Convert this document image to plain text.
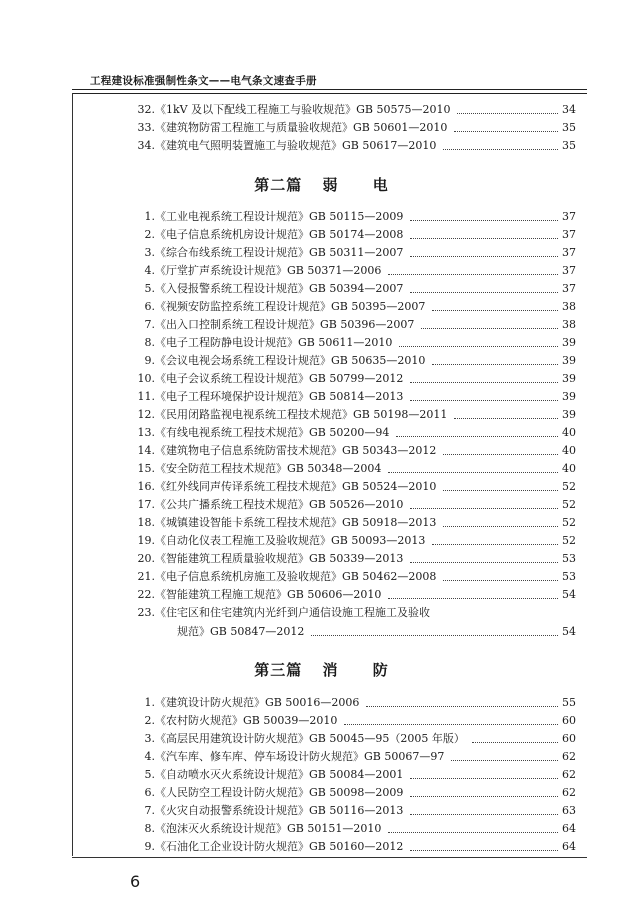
工程建设标准强制性条文——电气条文速查手册
32. 《1kV 及以下配线工程施工与验收规范》GB 50575—2010	34
33. 《建筑物防雷工程施工与质量验收规范》GB 50601—2010	35
34. 《建筑电气照明装置施工与验收规范》GB 50617—2010	35
第二篇 弱 电
1. 《工业电视系统工程设计规范》GB 50115—2009	37
2. 《电子信息系统机房设计规范》GB 50174—2008	37
3. 《综合布线系统工程设计规范》GB 50311—2007	37
4. 《厅堂扩声系统设计规范》GB 50371—2006	37
5. 《入侵报警系统工程设计规范》GB 50394—2007	37
6. 《视频安防监控系统工程设计规范》GB 50395—2007	38
7. 《出入口控制系统工程设计规范》GB 50396—2007	38
8. 《电子工程防静电设计规范》GB 50611—2010	39
9. 《会议电视会场系统工程设计规范》GB 50635—2010	39
10. 《电子会议系统工程设计规范》GB 50799—2012	39
11. 《电子工程环境保护设计规范》GB 50814—2013	39
12. 《民用闭路监视电视系统工程技术规范》GB 50198—2011	39
13. 《有线电视系统工程技术规范》GB 50200—94	40
14. 《建筑物电子信息系统防雷技术规范》GB 50343—2012	40
15. 《安全防范工程技术规范》GB 50348—2004	40
16. 《红外线同声传译系统工程技术规范》GB 50524—2010	52
17. 《公共广播系统工程技术规范》GB 50526—2010	52
18. 《城镇建设智能卡系统工程技术规范》GB 50918—2013	52
19. 《自动化仪表工程施工及验收规范》GB 50093—2013	52
20. 《智能建筑工程质量验收规范》GB 50339—2013	53
21. 《电子信息系统机房施工及验收规范》GB 50462—2008	53
22. 《智能建筑工程施工规范》GB 50606—2010	54
23. 《住宅区和住宅建筑内光纤到户通信设施工程施工及验收
规范》GB 50847—2012	54
第三篇 消 防
1. 《建筑设计防火规范》GB 50016—2006	55
2. 《农村防火规范》GB 50039—2010	60
3. 《高层民用建筑设计防火规范》GB 50045—95（2005 年版）	60
4. 《汽车库、修车库、停车场设计防火规范》GB 50067—97	62
5. 《自动喷水灭火系统设计规范》GB 50084—2001	62
6. 《人民防空工程设计防火规范》GB 50098—2009	62
7. 《火灾自动报警系统设计规范》GB 50116—2013	63
8. 《泡沫灭火系统设计规范》GB 50151—2010	64
9. 《石油化工企业设计防火规范》GB 50160—2012	64
6
